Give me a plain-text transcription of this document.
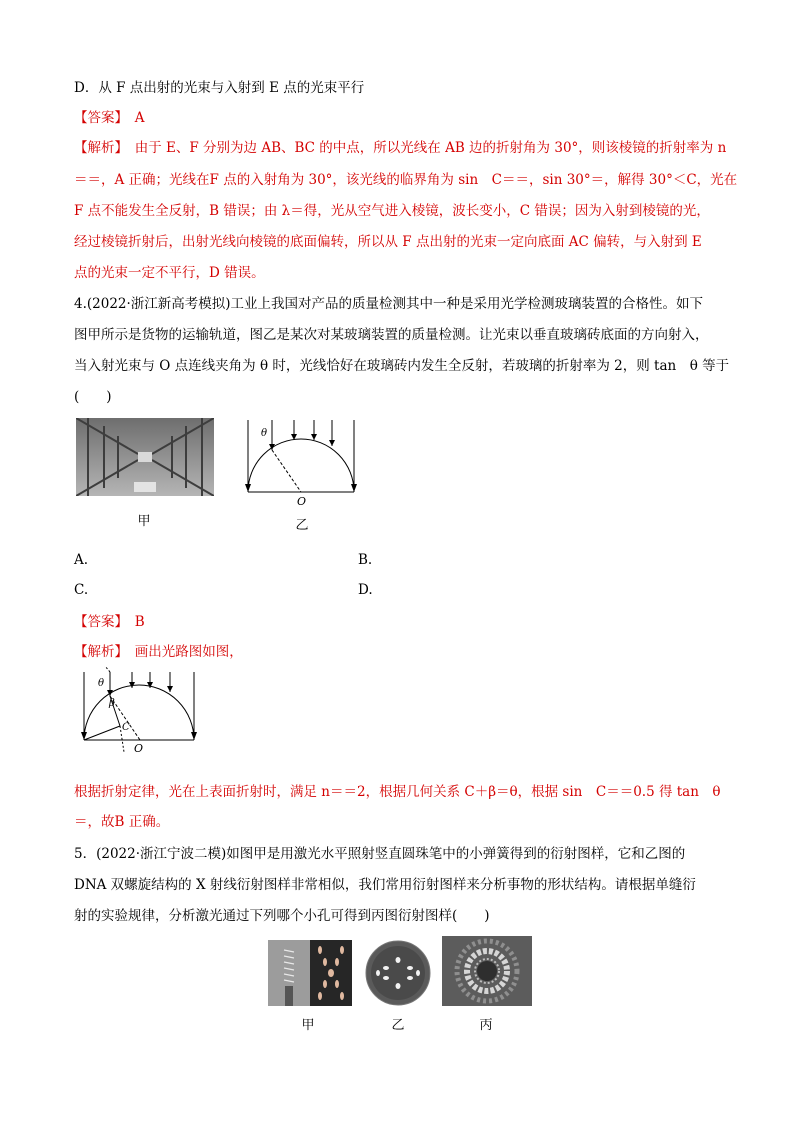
D．从 F 点出射的光束与入射到 E 点的光束平行
【答案】　A
【解析】　由于 E、F 分别为边 AB、BC 的中点，所以光线在 AB 边的折射角为 30°，则该棱镜的折射率为 n
＝＝，A 正确；光线在F 点的入射角为 30°，该光线的临界角为 sin　C＝＝，sin 30°＝，解得 30°＜C，光在
F 点不能发生全反射，B 错误；由 λ＝得，光从空气进入棱镜，波长变小，C 错误；因为入射到棱镜的光，
经过棱镜折射后，出射光线向棱镜的底面偏转，所以从 F 点出射的光束一定向底面 AC 偏转，与入射到 E
点的光束一定不平行，D 错误。
4.(2022·浙江新高考模拟)工业上我国对产品的质量检测其中一种是采用光学检测玻璃装置的合格性。如下
图甲所示是货物的运输轨道，图乙是某次对某玻璃装置的质量检测。让光束以垂直玻璃砖底面的方向射入，
当入射光束与 O 点连线夹角为 θ 时，光线恰好在玻璃砖内发生全反射，若玻璃的折射率为 2，则 tan　θ 等于
(　　)
甲
θ
O
乙
A.	B.
C.	D.
【答案】　B
【解析】　画出光路图如图，
θ
β
C
O
根据折射定律，光在上表面折射时，满足 n＝＝2，根据几何关系 C＋β＝θ，根据 sin　C＝＝0.5 得 tan　θ
＝，故B 正确。
5．(2022·浙江宁波二模)如图甲是用激光水平照射竖直圆珠笔中的小弹簧得到的衍射图样，它和乙图的
DNA 双螺旋结构的 X 射线衍射图样非常相似，我们常用衍射图样来分析事物的形状结构。请根据单缝衍
射的实验规律，分析激光通过下列哪个小孔可得到丙图衍射图样(　　)
甲	乙	丙
